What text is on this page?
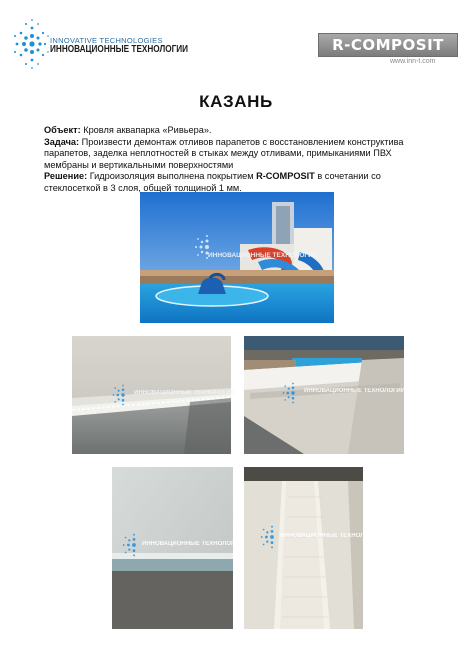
INNOVATIVE TECHNOLOGIES
ИННОВАЦИОННЫЕ ТЕХНОЛОГИИ	R-COMPOSIT
www.inn-t.com
КАЗАНЬ

Объект: Кровля аквапарка «Ривьера».

Задача: Произвести демонтаж отливов парапетов с восстановлением конструктива парапетов, заделка неплотностей в стыках между отливами, примыканиями ПВХ мембраны и вертикальными поверхностями

Решение: Гидроизоляция выполнена покрытием R-COMPOSIT в сочетании со стеклосеткой в 3 слоя, общей толщиной 1 мм.

ИННОВАЦИОННЫЕ ТЕХНОЛОГИИ
ИННОВАЦИОННЫЕ ТЕХНОЛОГИИ	ИННОВАЦИОННЫЕ ТЕХНОЛОГИИ
ИННОВАЦИОННЫЕ ТЕХНОЛОГИИ
ИННОВАЦИОННЫЕ ТЕХНОЛОГИИ
